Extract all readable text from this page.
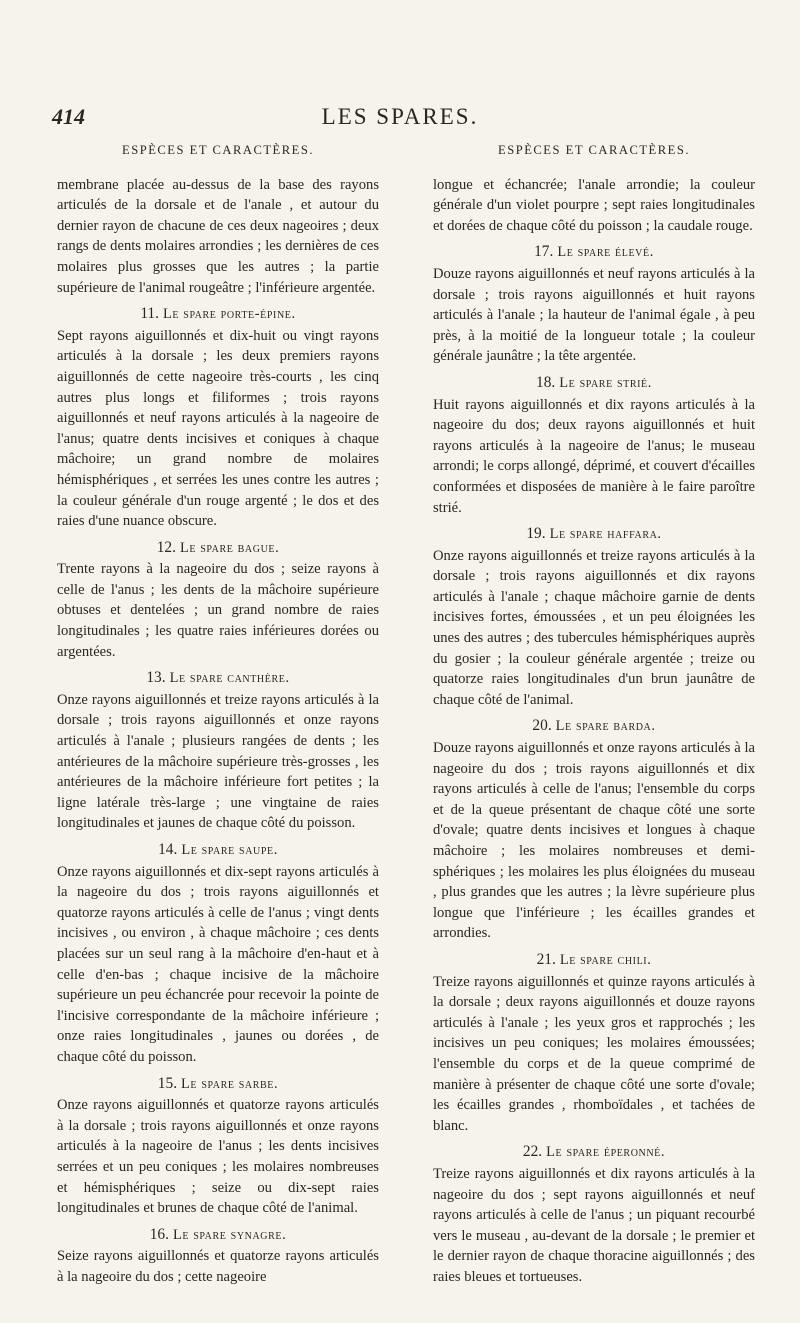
414	LES SPARES.
ESPÈCES ET CARACTÈRES.

membrane placée au-dessus de la base des rayons articulés de la dorsale et de l'anale , et autour du dernier rayon de chacune de ces deux nageoires ; deux rangs de dents molaires arrondies ; les dernières de ces molaires plus grosses que les autres ; la partie supérieure de l'animal rougeâtre ; l'inférieure argentée.

11. Le spare porte-épine.

Sept rayons aiguillonnés et dix-huit ou vingt rayons articulés à la dorsale ; les deux premiers rayons aiguillonnés de cette nageoire très-courts , les cinq autres plus longs et filiformes ; trois rayons aiguillonnés et neuf rayons articulés à la nageoire de l'anus; quatre dents incisives et coniques à chaque mâchoire; un grand nombre de molaires hémisphériques , et serrées les unes contre les autres ; la couleur générale d'un rouge argenté ; le dos et des raies d'une nuance obscure.

12. Le spare bague.

Trente rayons à la nageoire du dos ; seize rayons à celle de l'anus ; les dents de la mâchoire supérieure obtuses et dentelées ; un grand nombre de raies longitudinales ; les quatre raies inférieures dorées ou argentées.

13. Le spare canthère.

Onze rayons aiguillonnés et treize rayons articulés à la dorsale ; trois rayons aiguillonnés et onze rayons articulés à l'anale ; plusieurs rangées de dents ; les antérieures de la mâchoire supérieure très-grosses , les antérieures de la mâchoire inférieure fort petites ; la ligne latérale très-large ; une vingtaine de raies longitudinales et jaunes de chaque côté du poisson.

14. Le spare saupe.

Onze rayons aiguillonnés et dix-sept rayons articulés à la nageoire du dos ; trois rayons aiguillonnés et quatorze rayons articulés à celle de l'anus ; vingt dents incisives , ou environ , à chaque mâchoire ; ces dents placées sur un seul rang à la mâchoire d'en-haut et à celle d'en-bas ; chaque incisive de la mâchoire supérieure un peu échancrée pour recevoir la pointe de l'incisive correspondante de la mâchoire inférieure ; onze raies longitudinales , jaunes ou dorées , de chaque côté du poisson.

15. Le spare sarbe.

Onze rayons aiguillonnés et quatorze rayons articulés à la dorsale ; trois rayons aiguillonnés et onze rayons articulés à la nageoire de l'anus ; les dents incisives serrées et un peu coniques ; les molaires nombreuses et hémisphériques ; seize ou dix-sept raies longitudinales et brunes de chaque côté de l'animal.

16. Le spare synagre.

Seize rayons aiguillonnés et quatorze rayons articulés à la nageoire du dos ; cette nageoire

ESPÈCES ET CARACTÈRES.

longue et échancrée; l'anale arrondie; la couleur générale d'un violet pourpre ; sept raies longitudinales et dorées de chaque côté du poisson ; la caudale rouge.

17. Le spare élevé.

Douze rayons aiguillonnés et neuf rayons articulés à la dorsale ; trois rayons aiguillonnés et huit rayons articulés à l'anale ; la hauteur de l'animal égale , à peu près, à la moitié de la longueur totale ; la couleur générale jaunâtre ; la tête argentée.

18. Le spare strié.

Huit rayons aiguillonnés et dix rayons articulés à la nageoire du dos; deux rayons aiguillonnés et huit rayons articulés à la nageoire de l'anus; le museau arrondi; le corps allongé, déprimé, et couvert d'écailles conformées et disposées de manière à le faire paroître strié.

19. Le spare haffara.

Onze rayons aiguillonnés et treize rayons articulés à la dorsale ; trois rayons aiguillonnés et dix rayons articulés à l'anale ; chaque mâchoire garnie de dents incisives fortes, émoussées , et un peu éloignées les unes des autres ; des tubercules hémisphériques auprès du gosier ; la couleur générale argentée ; treize ou quatorze raies longitudinales d'un brun jaunâtre de chaque côté de l'animal.

20. Le spare barda.

Douze rayons aiguillonnés et onze rayons articulés à la nageoire du dos ; trois rayons aiguillonnés et dix rayons articulés à celle de l'anus; l'ensemble du corps et de la queue présentant de chaque côté une sorte d'ovale; quatre dents incisives et longues à chaque mâchoire ; les molaires nombreuses et demi-sphériques ; les molaires les plus éloignées du museau , plus grandes que les autres ; la lèvre supérieure plus longue que l'inférieure ; les écailles grandes et arrondies.

21. Le spare chili.

Treize rayons aiguillonnés et quinze rayons articulés à la dorsale ; deux rayons aiguillonnés et douze rayons articulés à l'anale ; les yeux gros et rapprochés ; les incisives un peu coniques; les molaires émoussées; l'ensemble du corps et de la queue comprimé de manière à présenter de chaque côté une sorte d'ovale; les écailles grandes , rhomboïdales , et tachées de blanc.

22. Le spare éperonné.

Treize rayons aiguillonnés et dix rayons articulés à la nageoire du dos ; sept rayons aiguillonnés et neuf rayons articulés à celle de l'anus ; un piquant recourbé vers le museau , au-devant de la dorsale ; le premier et le dernier rayon de chaque thoracine aiguillonnés ; des raies bleues et tortueuses.
